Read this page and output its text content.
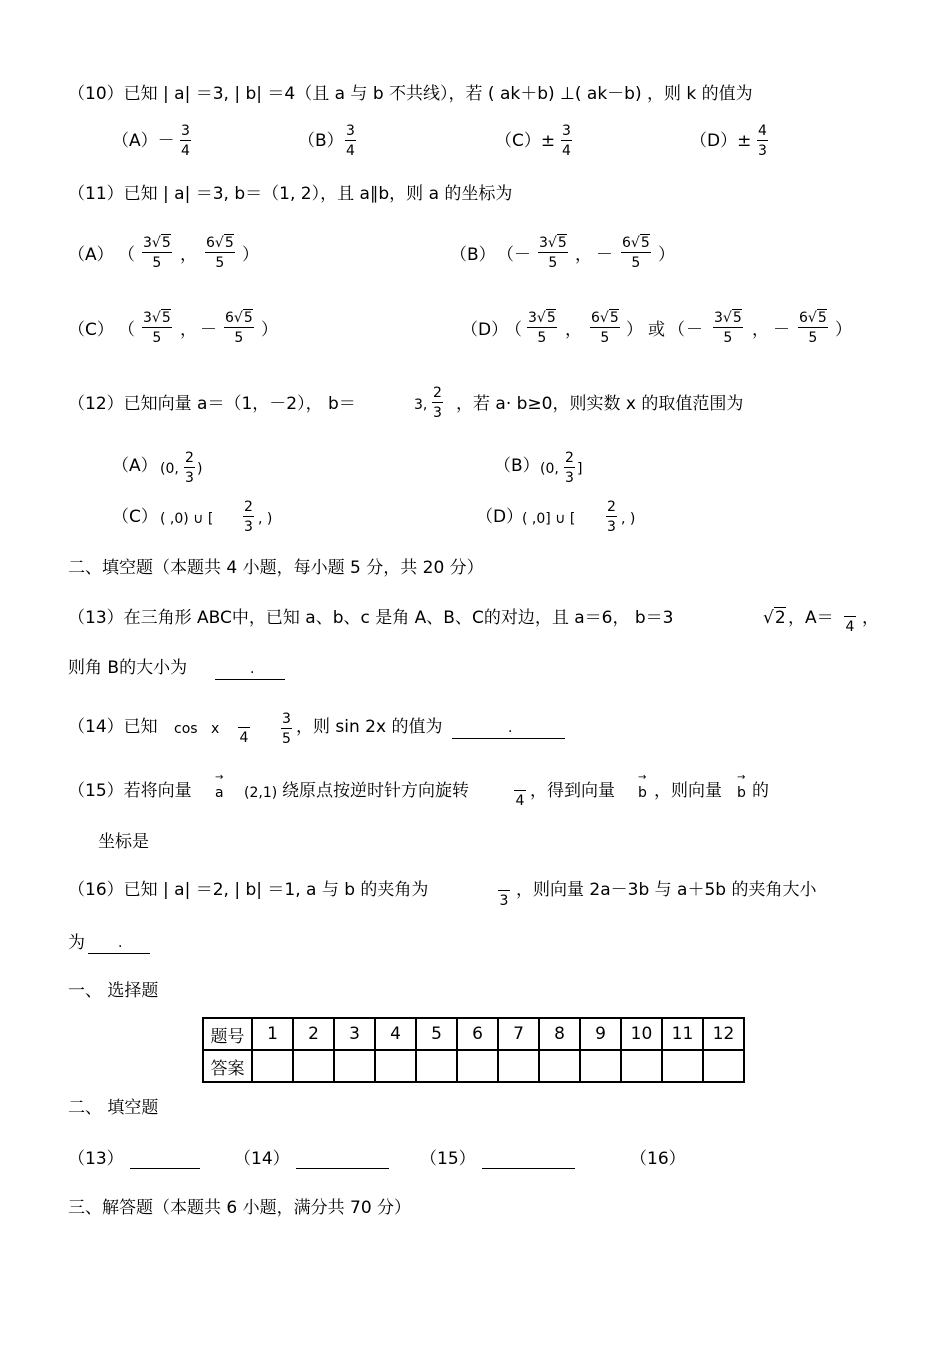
（10）已知 | a| ＝3, | b| ＝4（且 a 与 b 不共线），若 ( ak＋b) ⊥( ak－b) ，则 k 的值为
$(A)- \frac{3}{4}$	$(B) \frac{3}{4}$	$(C)\pm \frac{3}{4}$	$(D)\pm \frac{4}{3}$
（11）已知 | a| ＝3, b＝（1, 2），且 a∥b，则 a 的坐标为
（A） （ $\frac{3√5}{5}$ ， $\frac{6√5}{5}$ ）	（B） （ － $\frac{3√5}{5}$ ， － $\frac{6√5}{5}$ ）
（C） （ $\frac{3√5}{5}$ ， － $\frac{6√5}{5}$ ）	（D）
（ $\frac{3√5}{5}$ ， $\frac{6√5}{5}$ ） 或 （ － $\frac{3√5}{5}$ ， － $\frac{6√5}{5}$ ）
（12）已知向量 a＝（1，－2）， b＝	3, $\frac{2}{3}$ ，若 a· b≥0，则实数 x 的取值范围为
（A） (0, $\frac{2}{3}$ )	（B） (0, $\frac{2}{3}$ ]
（C） ( ,0) ∪ [ $\frac{2}{3}$ , )	（D）
( ,0] ∪ [ $\frac{2}{3}$ , )
二、填空题（本题共 4 小题，每小题 5 分，共 20 分）
（13）在三角形 ABC中，已知 a、b、c 是角 A、B、C的对边，且 a＝6， b＝3	√2 ，A＝ 4 ，
则角 B的大小为	.
（14）已知 cos x
$4 \frac{3}{5}$ ，则 sin 2x 的值为	.
（15）若将向量
→
a (2,1) 绕原点按逆时针方向旋转	4 ，得到向量
→
b ，则向量
→
b 的
坐标是
（16）已知 | a| ＝2, | b| ＝1, a 与 b 的夹角为
3
，则向量 2a－3b 与 a＋5b 的夹角大小
为 .
一、 选择题
题号	1	2	3	4	5	6	7	8	9	10	11	12
答案												
二、 填空题
（13）	（14）	（15）	（16）
三、解答题（本题共 6 小题，满分共 70 分）
